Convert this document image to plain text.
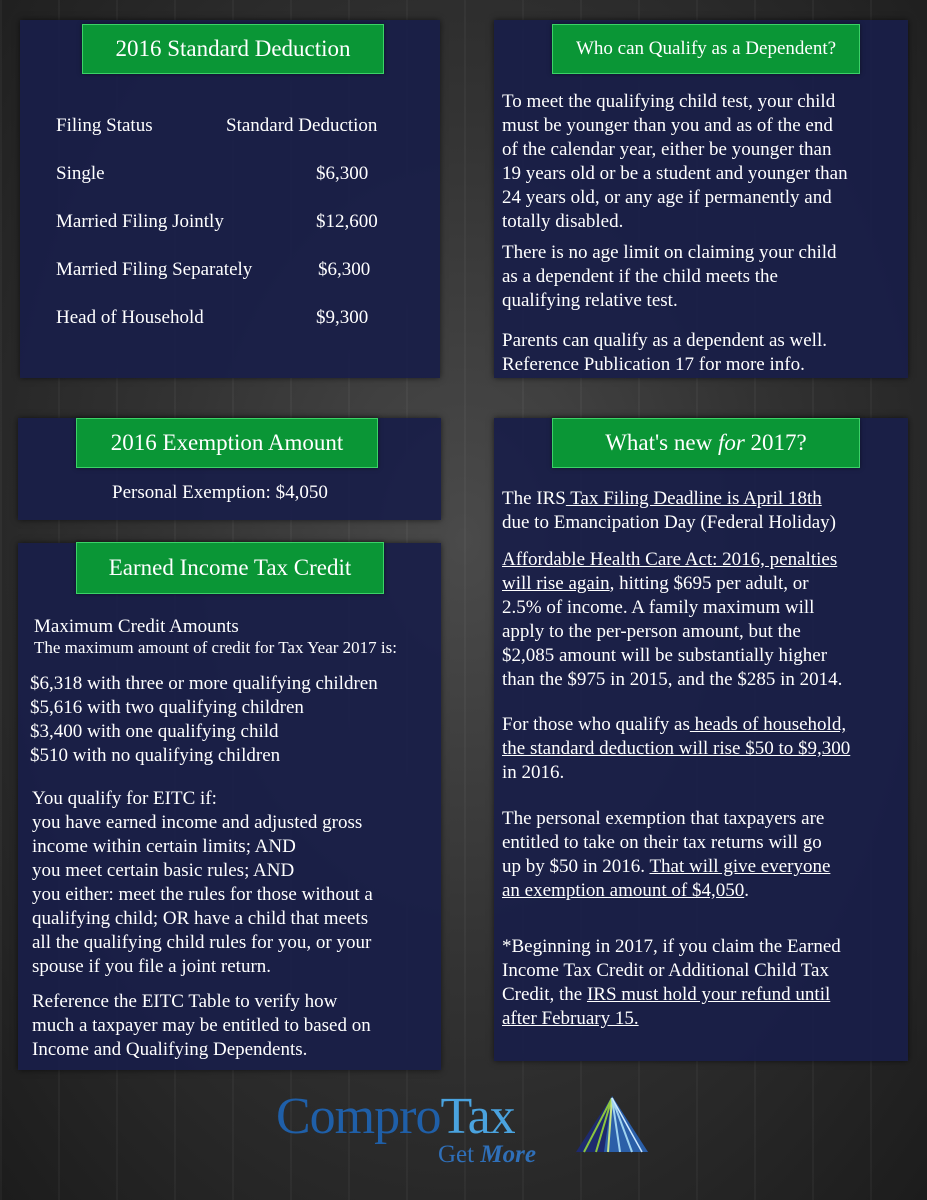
2016 Standard Deduction
Filing Status	Standard Deduction
Single	$6,300
Married Filing Jointly	$12,600
Married Filing Separately	$6,300
Head of Household	$9,300
Who can Qualify as a Dependent?
To meet the qualifying child test, your child
must be younger than you and as of the end
of the calendar year, either be younger than
19 years old or be a student and younger than
24 years old, or any age if permanently and
totally disabled.
There is no age limit on claiming your child
as a dependent if the child meets the
qualifying relative test.
Parents can qualify as a dependent as well.
Reference Publication 17 for more info.
2016 Exemption Amount
Personal Exemption: $4,050
Earned Income Tax Credit
Maximum Credit Amounts
The maximum amount of credit for Tax Year 2017 is:
$6,318 with three or more qualifying children
$5,616 with two qualifying children
$3,400 with one qualifying child
$510 with no qualifying children
You qualify for EITC if:
you have earned income and adjusted gross
income within certain limits; AND
you meet certain basic rules; AND
you either: meet the rules for those without a
qualifying child; OR have a child that meets
all the qualifying child rules for you, or your
spouse if you file a joint return.
Reference the EITC Table to verify how
much a taxpayer may be entitled to based on
Income and Qualifying Dependents.
What's new for 2017?
The IRS Tax Filing Deadline is April 18th
due to Emancipation Day (Federal Holiday)
Affordable Health Care Act: 2016, penalties
will rise again, hitting $695 per adult, or
2.5% of income. A family maximum will
apply to the per-person amount, but the
$2,085 amount will be substantially higher
than the $975 in 2015, and the $285 in 2014.
For those who qualify as heads of household,
the standard deduction will rise $50 to $9,300
in 2016.
The personal exemption that taxpayers are
entitled to take on their tax returns will go
up by $50 in 2016. That will give everyone
an exemption amount of $4,050.
*Beginning in 2017, if you claim the Earned
Income Tax Credit or Additional Child Tax
Credit, the IRS must hold your refund until
after February 15.
ComproTax
Get More
